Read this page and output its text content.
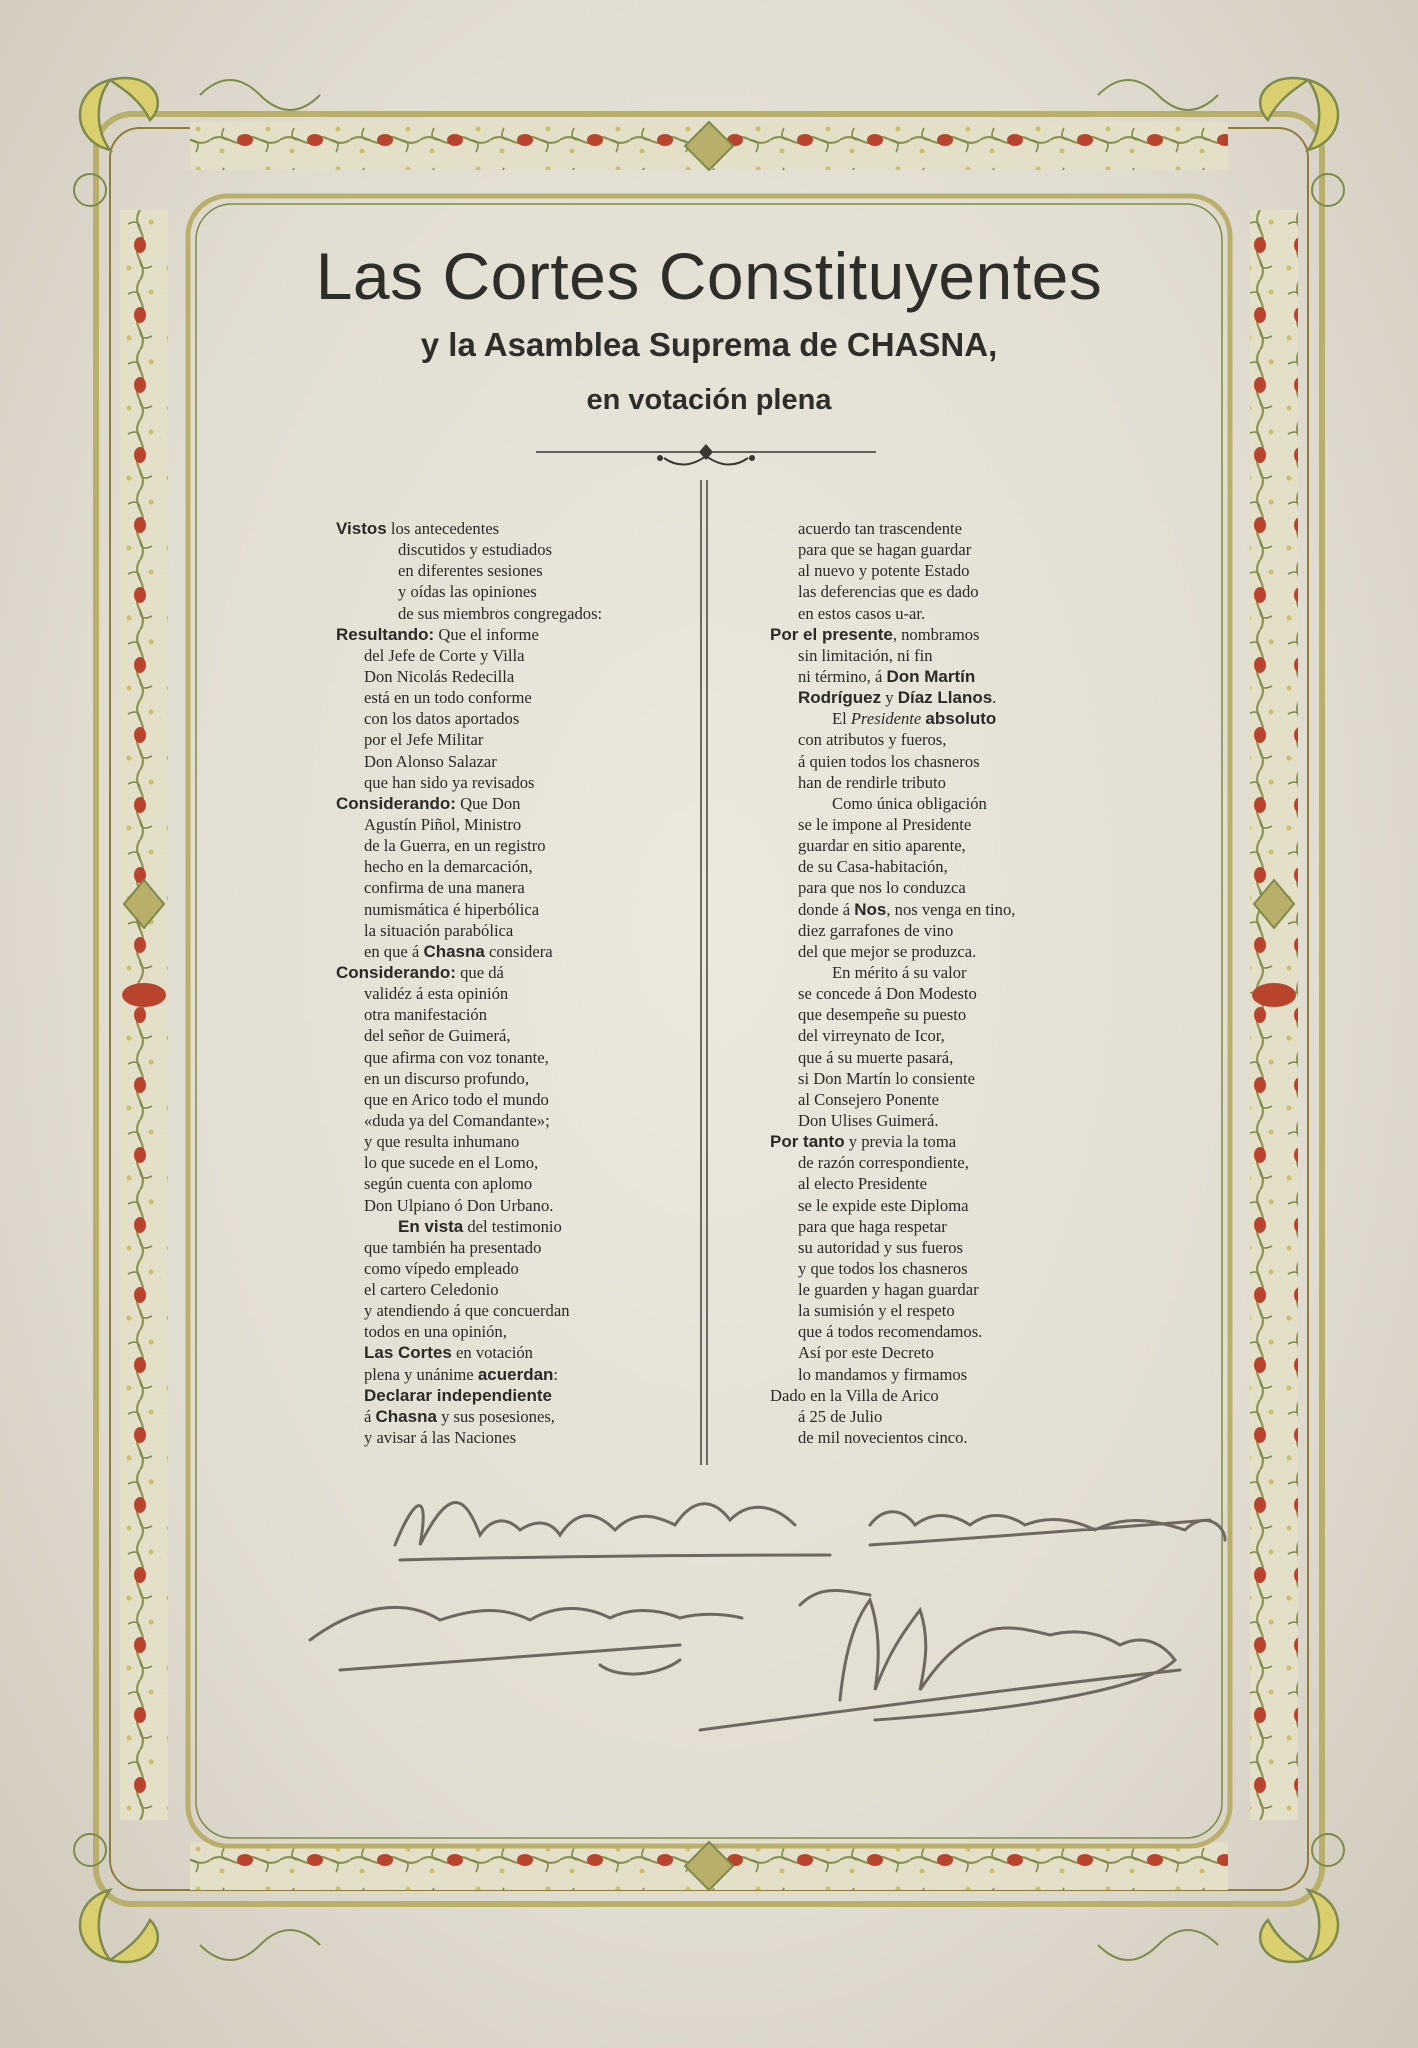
Las Cortes Constituyentes
y la Asamblea Suprema de CHASNA,
en votación plena
Vistos los antecedentes
discutidos y estudiados
en diferentes sesiones
y oídas las opiniones
de sus miembros congregados:
Resultando: Que el informe
del Jefe de Corte y Villa
Don Nicolás Redecilla
está en un todo conforme
con los datos aportados
por el Jefe Militar
Don Alonso Salazar
que han sido ya revisados
Considerando: Que Don
Agustín Piñol, Ministro
de la Guerra, en un registro
hecho en la demarcación,
confirma de una manera
numismática é hiperbólica
la situación parabólica
en que á Chasna considera
Considerando: que dá
validéz á esta opinión
otra manifestación
del señor de Guimerá,
que afirma con voz tonante,
en un discurso profundo,
que en Arico todo el mundo
«duda ya del Comandante»;
y que resulta inhumano
lo que sucede en el Lomo,
según cuenta con aplomo
Don Ulpiano ó Don Urbano.
En vista del testimonio
que también ha presentado
como vípedo empleado
el cartero Celedonio
y atendiendo á que concuerdan
todos en una opinión,
Las Cortes en votación
plena y unánime acuerdan:
Declarar independiente
á Chasna y sus posesiones,
y avisar á las Naciones
acuerdo tan trascendente
para que se hagan guardar
al nuevo y potente Estado
las deferencias que es dado
en estos casos u-ar.
Por el presente, nombramos
sin limitación, ni fin
ni término, á Don Martín
Rodríguez y Díaz Llanos.
El Presidente absoluto
con atributos y fueros,
á quien todos los chasneros
han de rendirle tributo
Como única obligación
se le impone al Presidente
guardar en sitio aparente,
de su Casa-habitación,
para que nos lo conduzca
donde á Nos, nos venga en tino,
diez garrafones de vino
del que mejor se produzca.
En mérito á su valor
se concede á Don Modesto
que desempeñe su puesto
del virreynato de Icor,
que á su muerte pasará,
si Don Martín lo consiente
al Consejero Ponente
Don Ulises Guimerá.
Por tanto y previa la toma
de razón correspondiente,
al electo Presidente
se le expide este Diploma
para que haga respetar
su autoridad y sus fueros
y que todos los chasneros
le guarden y hagan guardar
la sumisión y el respeto
que á todos recomendamos.
Así por este Decreto
lo mandamos y firmamos
Dado en la Villa de Arico
á 25 de Julio
de mil novecientos cinco.
